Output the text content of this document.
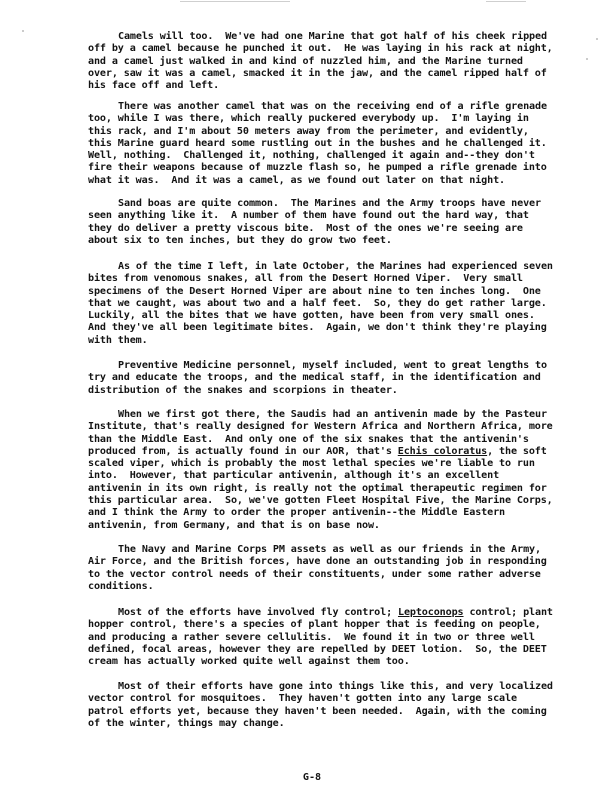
Camels will too.  We've had one Marine that got half of his cheek ripped
off by a camel because he punched it out.  He was laying in his rack at night,
and a camel just walked in and kind of nuzzled him, and the Marine turned
over, saw it was a camel, smacked it in the jaw, and the camel ripped half of
his face off and left.
There was another camel that was on the receiving end of a rifle grenade
too, while I was there, which really puckered everybody up.  I'm laying in
this rack, and I'm about 50 meters away from the perimeter, and evidently,
this Marine guard heard some rustling out in the bushes and he challenged it.
Well, nothing.  Challenged it, nothing, challenged it again and--they don't
fire their weapons because of muzzle flash so, he pumped a rifle grenade into
what it was.  And it was a camel, as we found out later on that night.
Sand boas are quite common.  The Marines and the Army troops have never
seen anything like it.  A number of them have found out the hard way, that
they do deliver a pretty viscous bite.  Most of the ones we're seeing are
about six to ten inches, but they do grow two feet.
As of the time I left, in late October, the Marines had experienced seven
bites from venomous snakes, all from the Desert Horned Viper.  Very small
specimens of the Desert Horned Viper are about nine to ten inches long.  One
that we caught, was about two and a half feet.  So, they do get rather large.
Luckily, all the bites that we have gotten, have been from very small ones.
And they've all been legitimate bites.  Again, we don't think they're playing
with them.
Preventive Medicine personnel, myself included, went to great lengths to
try and educate the troops, and the medical staff, in the identification and
distribution of the snakes and scorpions in theater.
When we first got there, the Saudis had an antivenin made by the Pasteur
Institute, that's really designed for Western Africa and Northern Africa, more
than the Middle East.  And only one of the six snakes that the antivenin's
produced from, is actually found in our AOR, that's Echis coloratus, the soft
scaled viper, which is probably the most lethal species we're liable to run
into.  However, that particular antivenin, although it's an excellent
antivenin in its own right, is really not the optimal therapeutic regimen for
this particular area.  So, we've gotten Fleet Hospital Five, the Marine Corps,
and I think the Army to order the proper antivenin--the Middle Eastern
antivenin, from Germany, and that is on base now.
The Navy and Marine Corps PM assets as well as our friends in the Army,
Air Force, and the British forces, have done an outstanding job in responding
to the vector control needs of their constituents, under some rather adverse
conditions.
Most of the efforts have involved fly control; Leptoconops control; plant
hopper control, there's a species of plant hopper that is feeding on people,
and producing a rather severe cellulitis.  We found it in two or three well
defined, focal areas, however they are repelled by DEET lotion.  So, the DEET
cream has actually worked quite well against them too.
Most of their efforts have gone into things like this, and very localized
vector control for mosquitoes.  They haven't gotten into any large scale
patrol efforts yet, because they haven't been needed.  Again, with the coming
of the winter, things may change.
G-8
